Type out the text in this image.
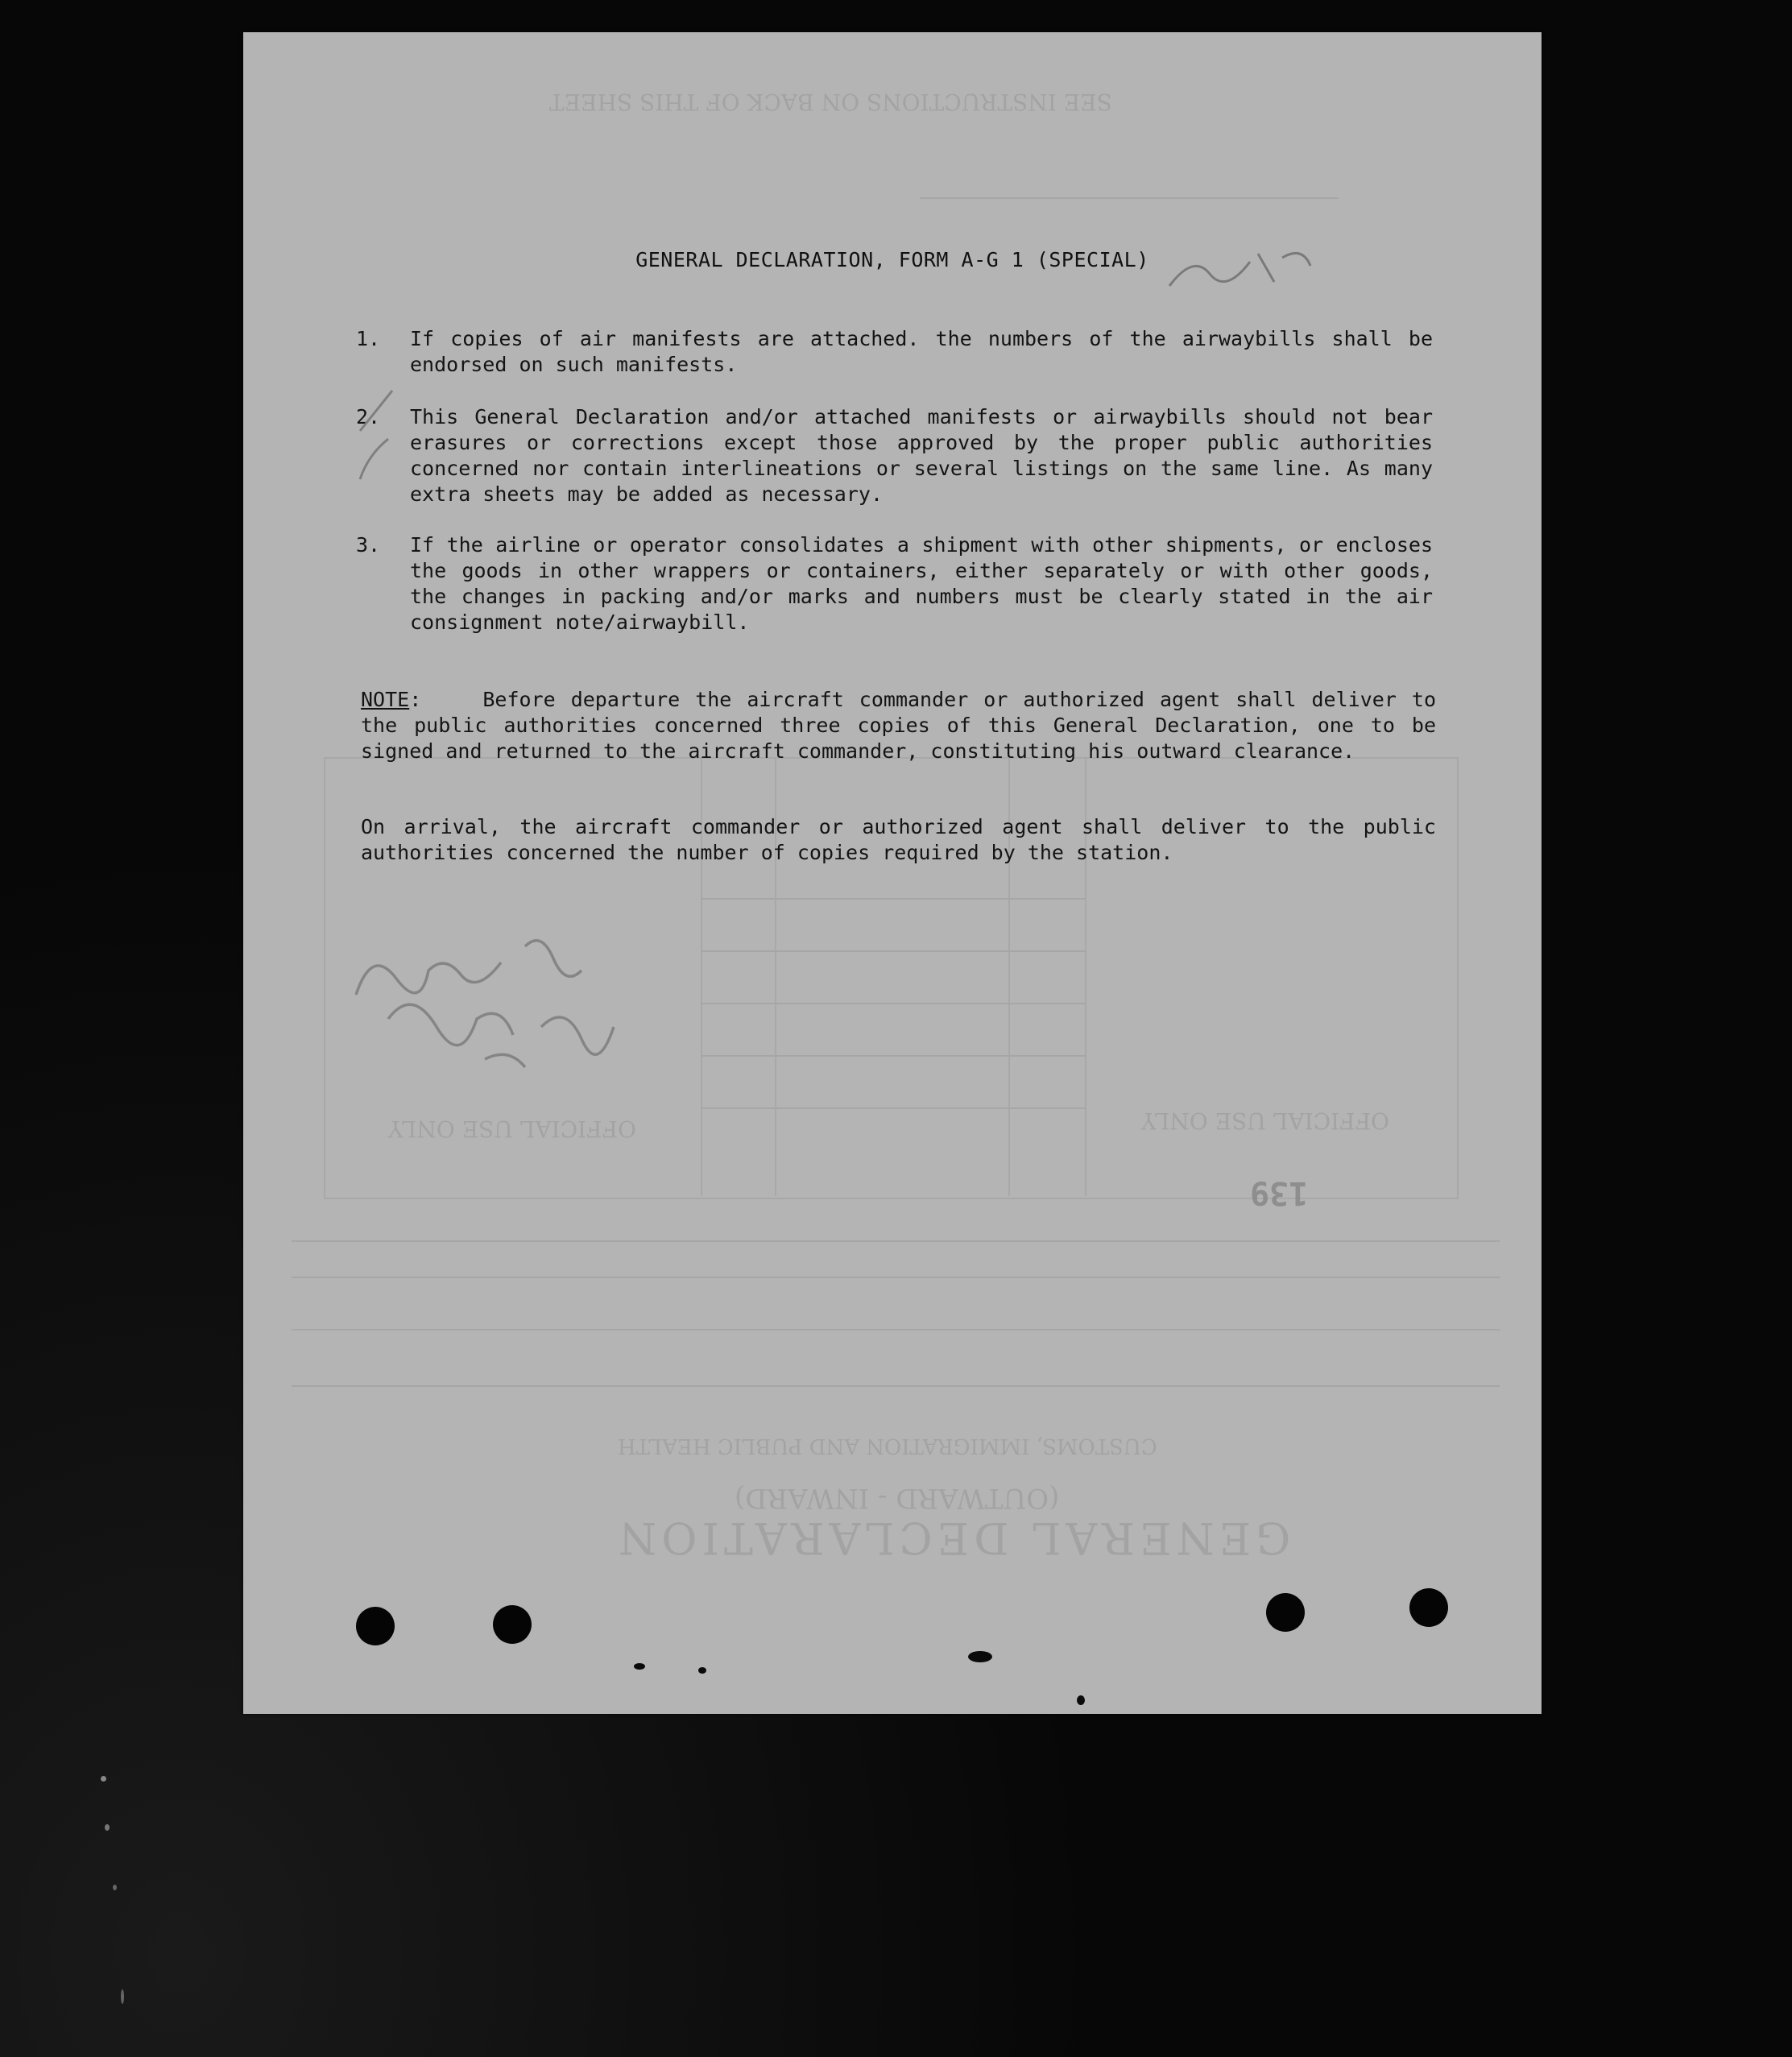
SEE INSTRUCTIONS ON BACK OF THIS SHEET
OFFICIAL USE ONLY	OFFICIAL USE ONLY
CUSTOMS, IMMIGRATION AND PUBLIC HEALTH
(OUTWARD - INWARD)
GENERAL DECLARATION
139
GENERAL DECLARATION, FORM A-G 1 (SPECIAL)
1. If copies of air manifests are attached. the numbers of the airwaybills shall be endorsed on such manifests.
2. This General Declaration and/or attached manifests or airwaybills should not bear erasures or corrections except those approved by the proper public authorities concerned nor contain interlineations or several listings on the same line. As many extra sheets may be added as necessary.
3. If the airline or operator consolidates a shipment with other shipments, or encloses the goods in other wrappers or containers, either separately or with other goods, the changes in packing and/or marks and numbers must be clearly stated in the air consignment note/airwaybill.
NOTE:    Before departure the aircraft commander or authorized agent shall deliver to the public authorities concerned three copies of this General Declaration, one to be signed and returned to the aircraft commander, constituting his outward clearance.
On arrival, the aircraft commander or authorized agent shall deliver to the public authorities concerned the number of copies required by the station.
